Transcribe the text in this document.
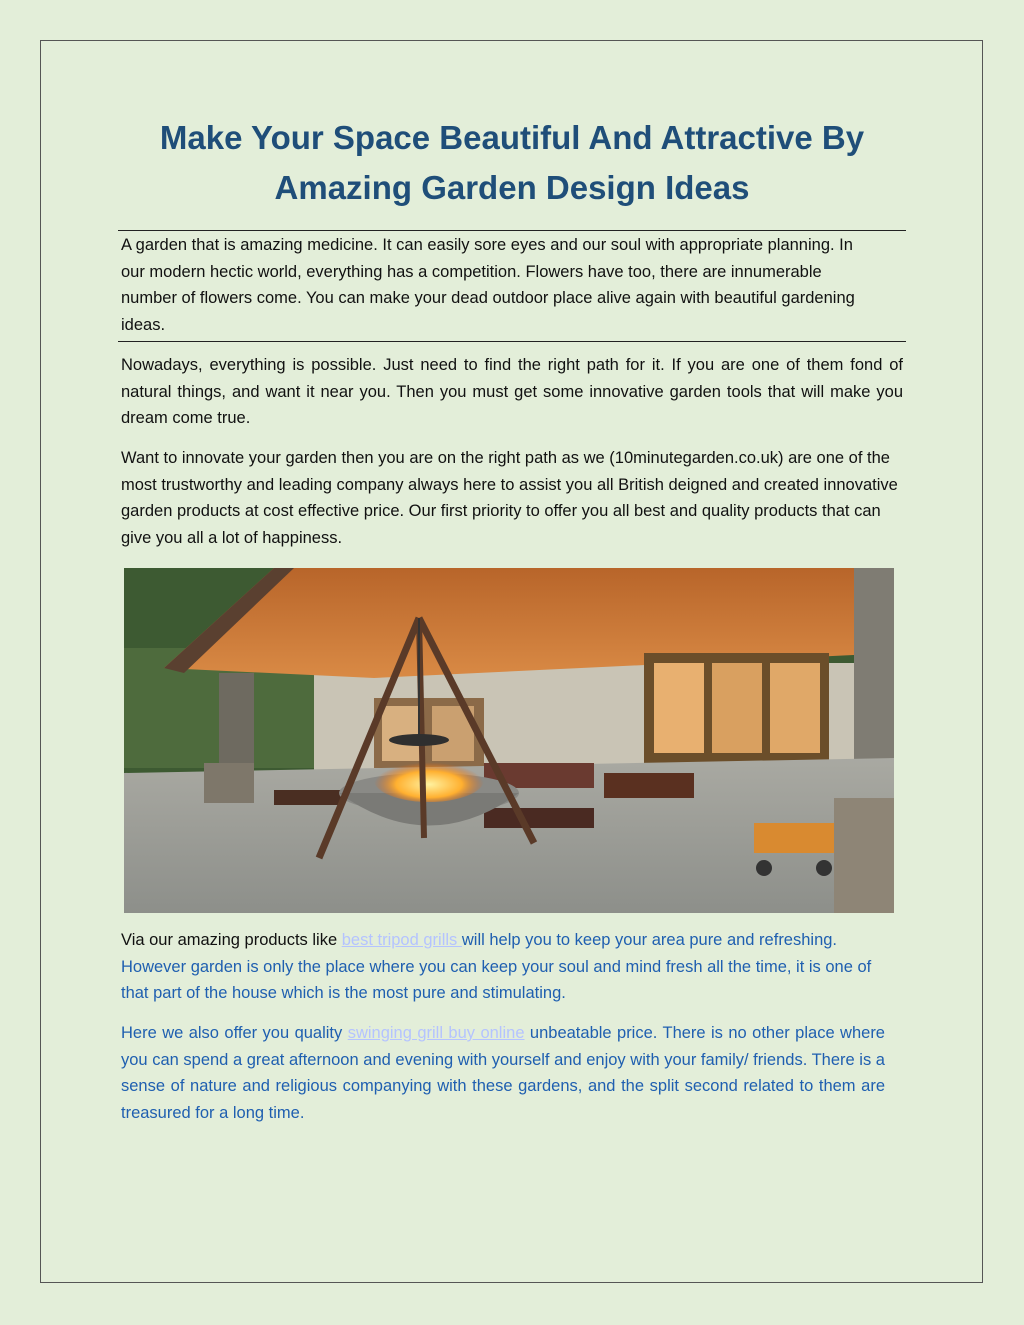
Make Your Space Beautiful And Attractive By Amazing Garden Design Ideas

A garden that is amazing medicine. It can easily sore eyes and our soul with appropriate planning. In our modern hectic world, everything has a competition. Flowers have too, there are innumerable number of flowers come. You can make your dead outdoor place alive again with beautiful gardening ideas.

Nowadays, everything is possible. Just need to find the right path for it. If you are one of them fond of natural things, and want it near you. Then you must get some innovative garden tools that will make you dream come true.

Want to innovate your garden then you are on the right path as we (10minutegarden.co.uk) are one of the most trustworthy and leading company always here to assist you all British deigned and created innovative garden products at cost effective price. Our first priority to offer you all best and quality products that can give you all a lot of happiness.

Via our amazing products like best tripod grills will help you to keep your area pure and refreshing. However garden is only the place where you can keep your soul and mind fresh all the time, it is one of that part of the house which is the most pure and stimulating.

Here we also offer you quality swinging grill buy online unbeatable price. There is no other place where you can spend a great afternoon and evening with yourself and enjoy with your family/ friends. There is a sense of nature and religious companying with these gardens, and the split second related to them are treasured for a long time.
